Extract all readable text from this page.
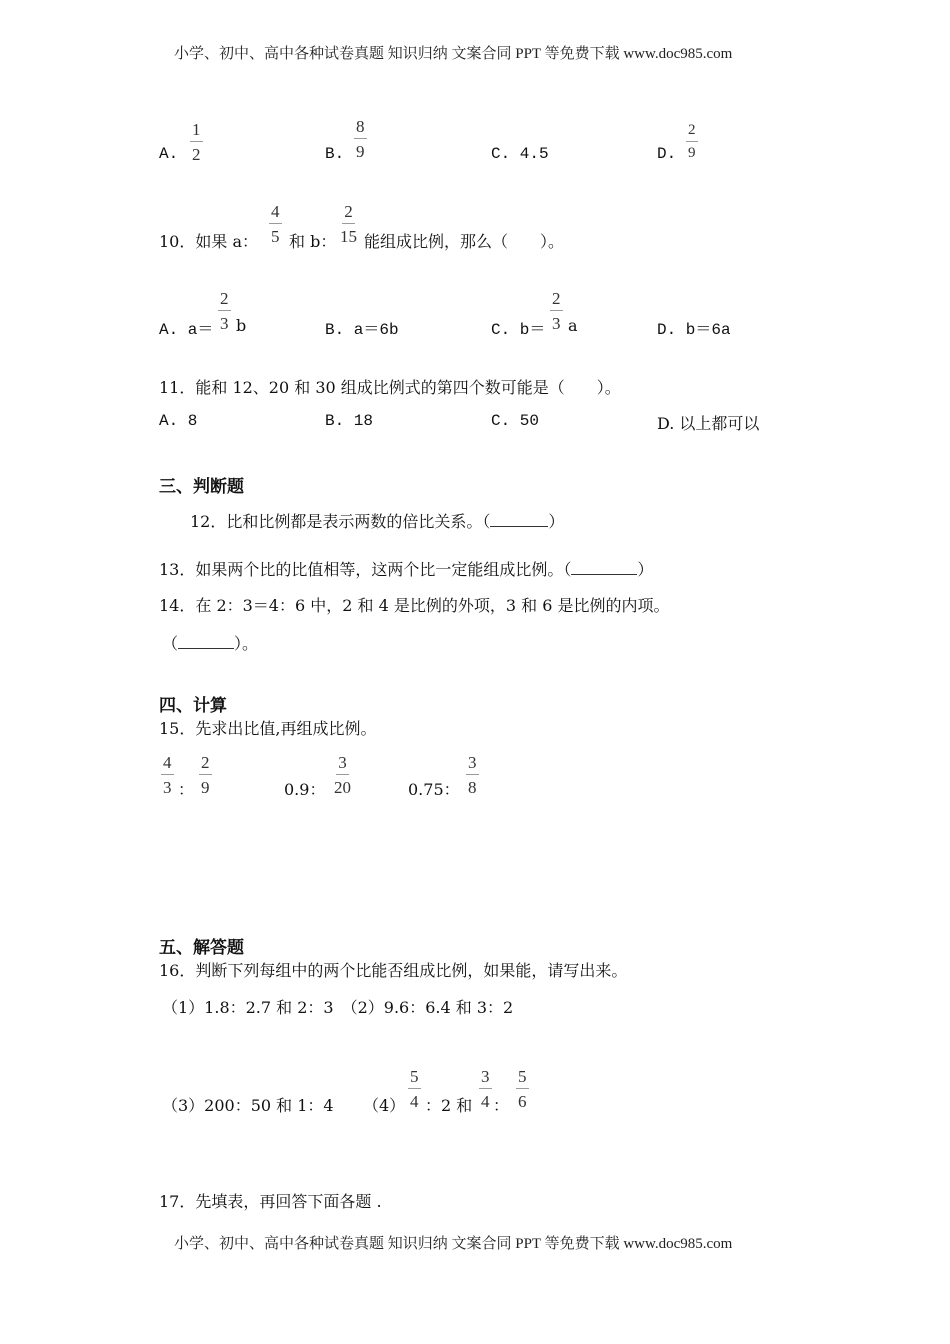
小学、初中、高中各种试卷真题 知识归纳 文案合同 PPT 等免费下载 www.doc985.com
A. $\frac{1}{2}$	B. $\frac{8}{9}$	C. 4.5	D. $\frac{2}{9}$
10．如果 a： $\frac{4}{5}$ 和 b： $\frac{2}{15}$ 能组成比例，那么（　　）。
A. $a= \frac{2}{3}$ b	B. a＝6b	C. $b= \frac{2}{3}$ a	D. b＝6a
11．能和 12、20 和 30 组成比例式的第四个数可能是（　　）。
A. 8	B. 18	C. 50	D. 以上都可以
三、判断题
12．比和比例都是表示两数的倍比关系。（	）
13．如果两个比的比值相等，这两个比一定能组成比例。（	）
14．在 2：3＝4：6 中，2 和 4 是比例的外项，3 和 6 是比例的内项。
（	）。
四、计算
15．先求出比值,再组成比例。
$\frac{4}{3}$ ： $\frac{2}{9}$	0.9： $\frac{3}{20}$	0.75： $\frac{3}{8}$
五、解答题
16．判断下列每组中的两个比能否组成比例，如果能，请写出来。
（1）1.8：2.7 和 2：3　（2）9.6：6.4 和 3：2
（3）200：50 和 1：4 $(4) \frac{5}{4}$ ：2 和 $\frac{3}{4}$ ： $\frac{5}{6}$
17．先填表，再回答下面各题 .
小学、初中、高中各种试卷真题 知识归纳 文案合同 PPT 等免费下载 www.doc985.com
